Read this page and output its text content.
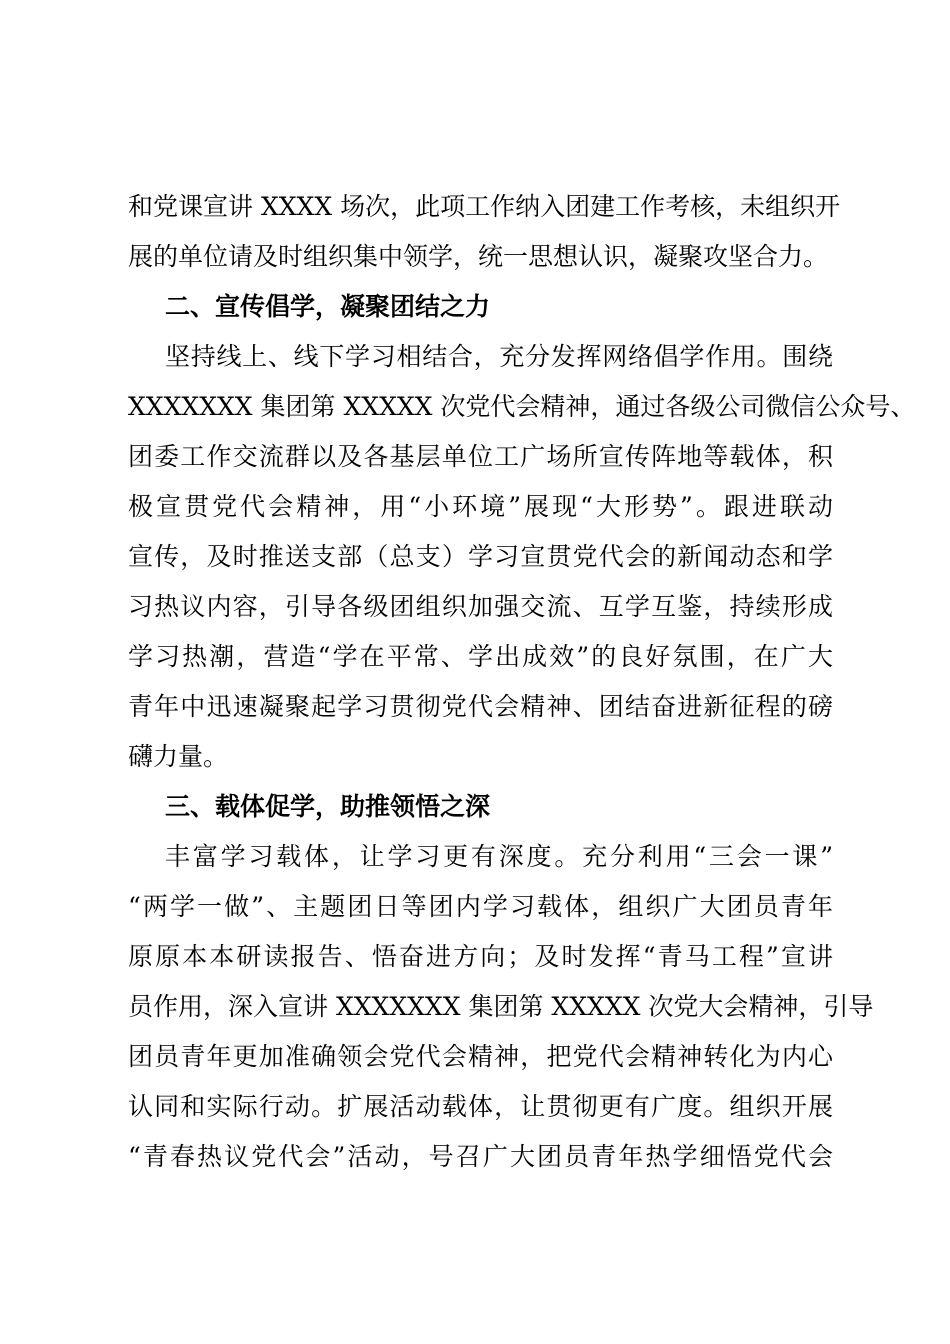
和党课宣讲 XXXX 场次，此项工作纳入团建工作考核，未组织开
展的单位请及时组织集中领学，统一思想认识，凝聚攻坚合力。
二、宣传倡学，凝聚团结之力
坚持线上、线下学习相结合，充分发挥网络倡学作用。围绕
XXXXXXX 集团第 XXXXX 次党代会精神，通过各级公司微信公众号、
团委工作交流群以及各基层单位工广场所宣传阵地等载体，积
极宣贯党代会精神，用“小环境”展现“大形势”。跟进联动
宣传，及时推送支部（总支）学习宣贯党代会的新闻动态和学
习热议内容，引导各级团组织加强交流、互学互鉴，持续形成
学习热潮，营造“学在平常、学出成效”的良好氛围，在广大
青年中迅速凝聚起学习贯彻党代会精神、团结奋进新征程的磅
礴力量。
三、载体促学，助推领悟之深
丰富学习载体，让学习更有深度。充分利用“三会一课”
“两学一做”、主题团日等团内学习载体，组织广大团员青年
原原本本研读报告、悟奋进方向；及时发挥“青马工程”宣讲
员作用，深入宣讲 XXXXXXX 集团第 XXXXX 次党大会精神，引导
团员青年更加准确领会党代会精神，把党代会精神转化为内心
认同和实际行动。扩展活动载体，让贯彻更有广度。组织开展
“青春热议党代会”活动，号召广大团员青年热学细悟党代会
